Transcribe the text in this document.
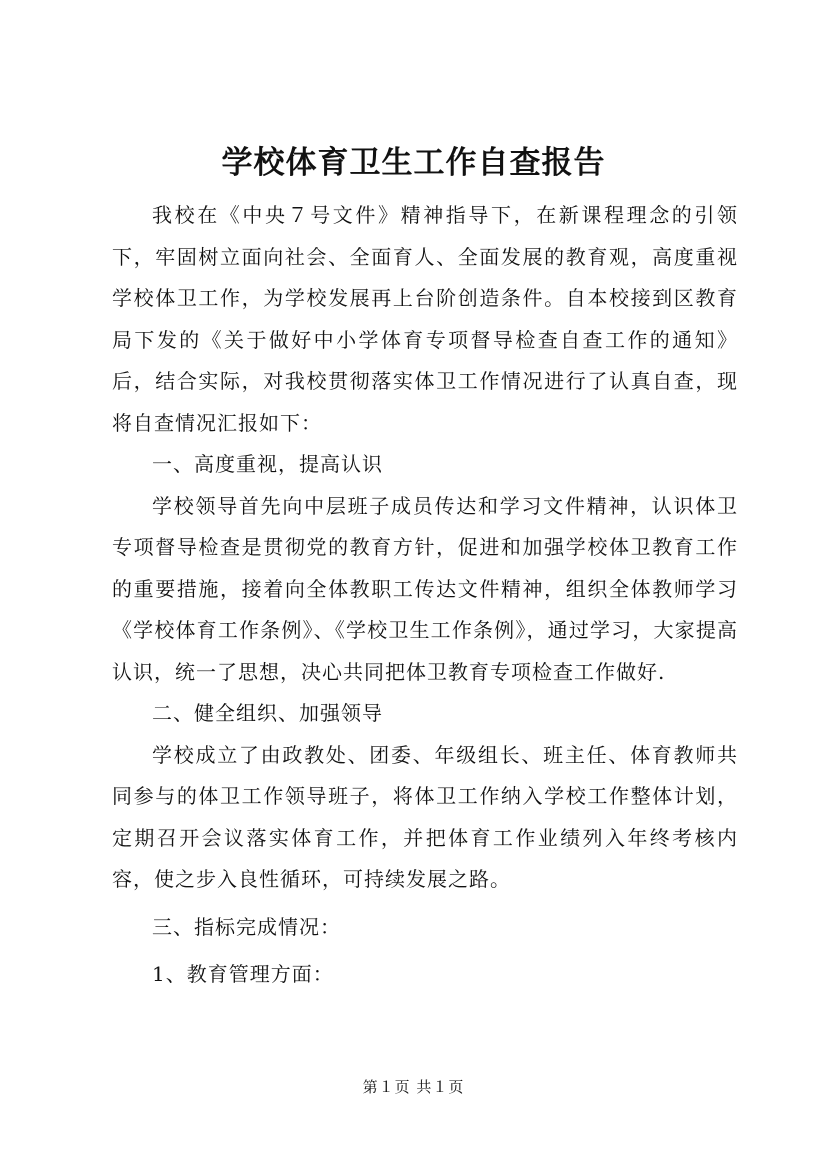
学校体育卫生工作自查报告

我校在《中央７号文件》精神指导下，在新课程理念的引领下，牢固树立面向社会、全面育人、全面发展的教育观，高度重视学校体卫工作，为学校发展再上台阶创造条件。自本校接到区教育局下发的《关于做好中小学体育专项督导检查自查工作的通知》后，结合实际，对我校贯彻落实体卫工作情况进行了认真自查，现将自查情况汇报如下：

一、高度重视，提高认识

学校领导首先向中层班子成员传达和学习文件精神，认识体卫专项督导检查是贯彻党的教育方针，促进和加强学校体卫教育工作的重要措施，接着向全体教职工传达文件精神，组织全体教师学习《学校体育工作条例》、《学校卫生工作条例》，通过学习，大家提高认识，统一了思想，决心共同把体卫教育专项检查工作做好.

二、健全组织、加强领导

学校成立了由政教处、团委、年级组长、班主任、体育教师共同参与的体卫工作领导班子，将体卫工作纳入学校工作整体计划，定期召开会议落实体育工作，并把体育工作业绩列入年终考核内容，使之步入良性循环，可持续发展之路。

三、指标完成情况：

1、教育管理方面：

第１页 共１页
